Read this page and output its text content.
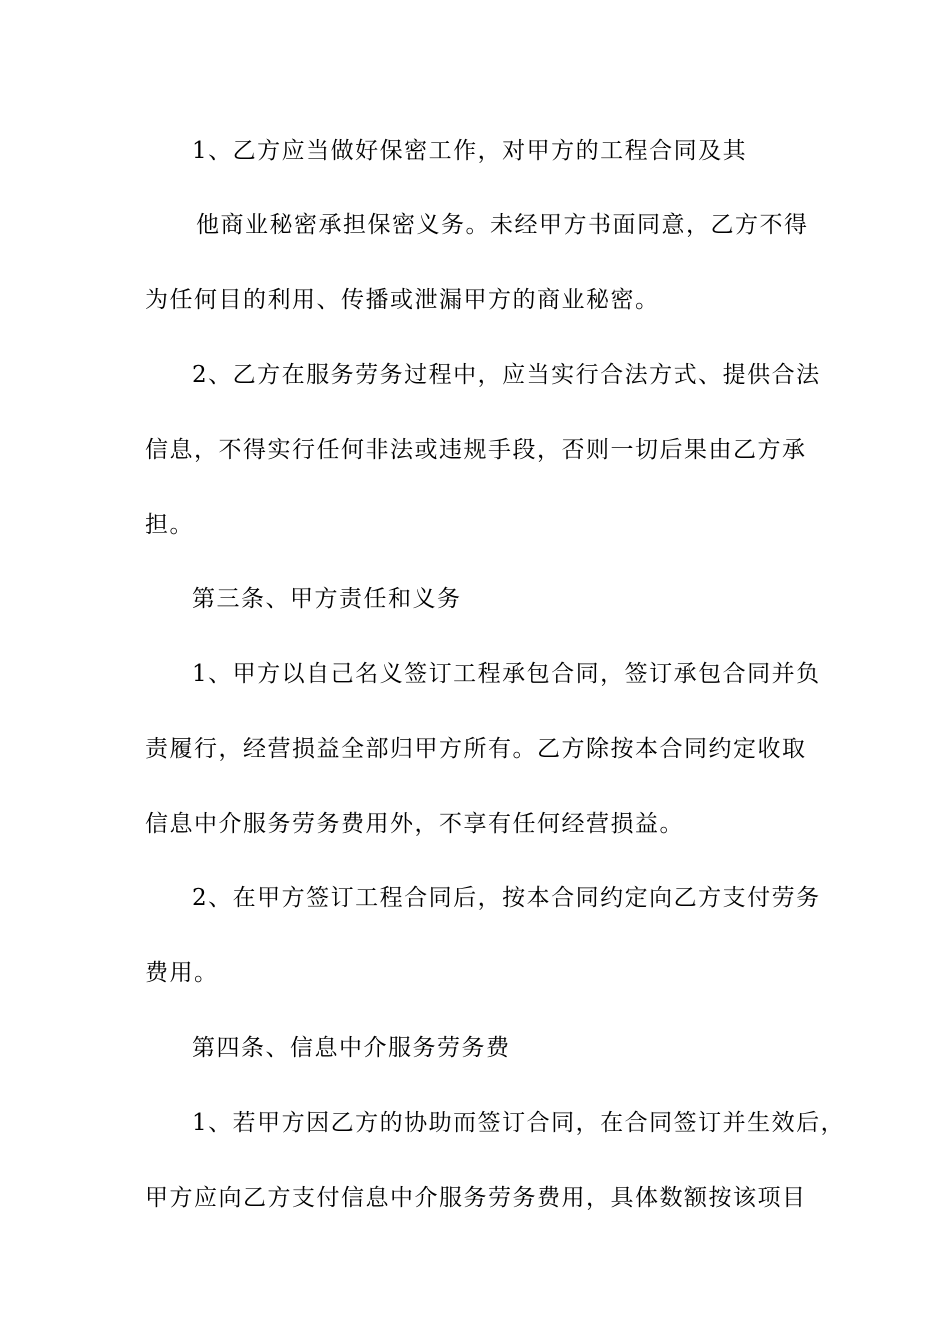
1、乙方应当做好保密工作，对甲方的工程合同及其
他商业秘密承担保密义务。未经甲方书面同意，乙方不得
为任何目的利用、传播或泄漏甲方的商业秘密。
2、乙方在服务劳务过程中，应当实行合法方式、提供合法
信息，不得实行任何非法或违规手段，否则一切后果由乙方承
担。
第三条、甲方责任和义务
1、甲方以自己名义签订工程承包合同，签订承包合同并负
责履行，经营损益全部归甲方所有。乙方除按本合同约定收取
信息中介服务劳务费用外，不享有任何经营损益。
2、在甲方签订工程合同后，按本合同约定向乙方支付劳务
费用。
第四条、信息中介服务劳务费
1、若甲方因乙方的协助而签订合同，在合同签订并生效后，
甲方应向乙方支付信息中介服务劳务费用，具体数额按该项目
